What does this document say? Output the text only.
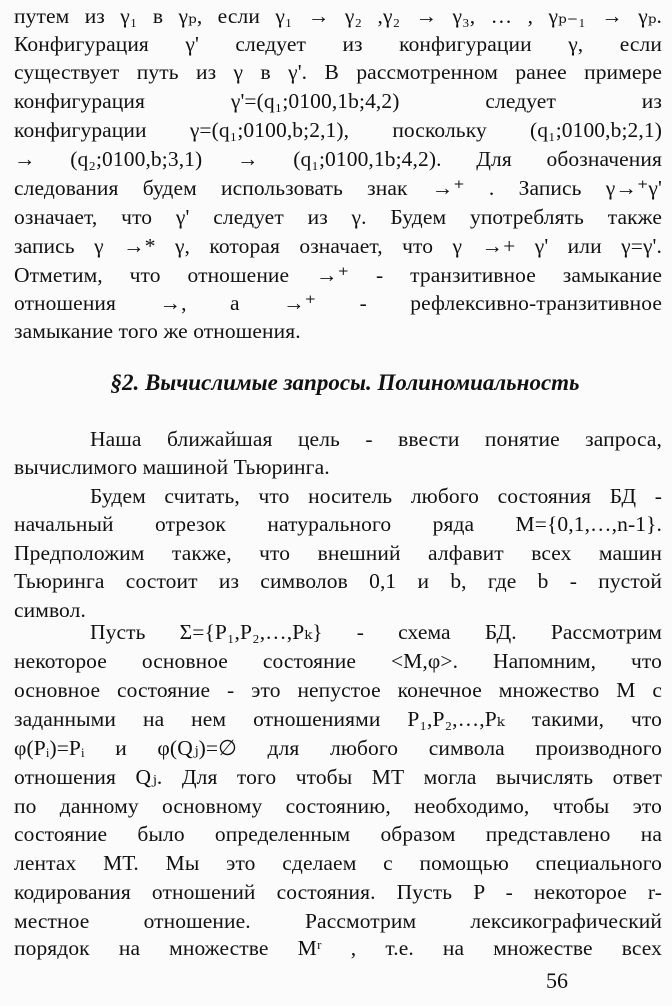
путем из γ₁ в γₚ, если γ₁ → γ₂ ,γ₂ → γ₃, … , γₚ₋₁ → γₚ.
Конфигурация γ' следует из конфигурации γ, если
существует путь из γ в γ'. В рассмотренном ранее примере
конфигурация γ'=(q₁;0100,1b;4,2) следует из
конфигурации γ=(q₁;0100,b;2,1), поскольку (q₁;0100,b;2,1)
→ (q₂;0100,b;3,1) → (q₁;0100,1b;4,2). Для обозначения
следования будем использовать знак →⁺ . Запись γ→⁺γ'
означает, что γ' следует из γ. Будем употреблять также
запись γ →* γ, которая означает, что γ →+ γ' или γ=γ'.
Отметим, что отношение →⁺ - транзитивное замыкание
отношения →, а →⁺ - рефлексивно-транзитивное
замыкание того же отношения.
§2. Вычислимые запросы. Полиномиальность
Наша ближайшая цель - ввести понятие запроса,
вычислимого машиной Тьюринга.
Будем считать, что носитель любого состояния БД -
начальный отрезок натурального ряда M={0,1,…,n-1}.
Предположим также, что внешний алфавит всех машин
Тьюринга состоит из символов 0,1 и b, где b - пустой
символ.
Пусть Σ={P₁,P₂,…,Pₖ} - схема БД. Рассмотрим
некоторое основное состояние <M,φ>. Напомним, что
основное состояние - это непустое конечное множество M с
заданными на нем отношениями P₁,P₂,…,Pₖ такими, что
φ(Pᵢ)=Pᵢ и φ(Qⱼ)=∅ для любого символа производного
отношения Qⱼ. Для того чтобы МТ могла вычислять ответ
по данному основному состоянию, необходимо, чтобы это
состояние было определенным образом представлено на
лентах МТ. Мы это сделаем с помощью специального
кодирования отношений состояния. Пусть P - некоторое r-
местное отношение. Рассмотрим лексикографический
порядок на множестве Mʳ , т.е. на множестве всех
56
